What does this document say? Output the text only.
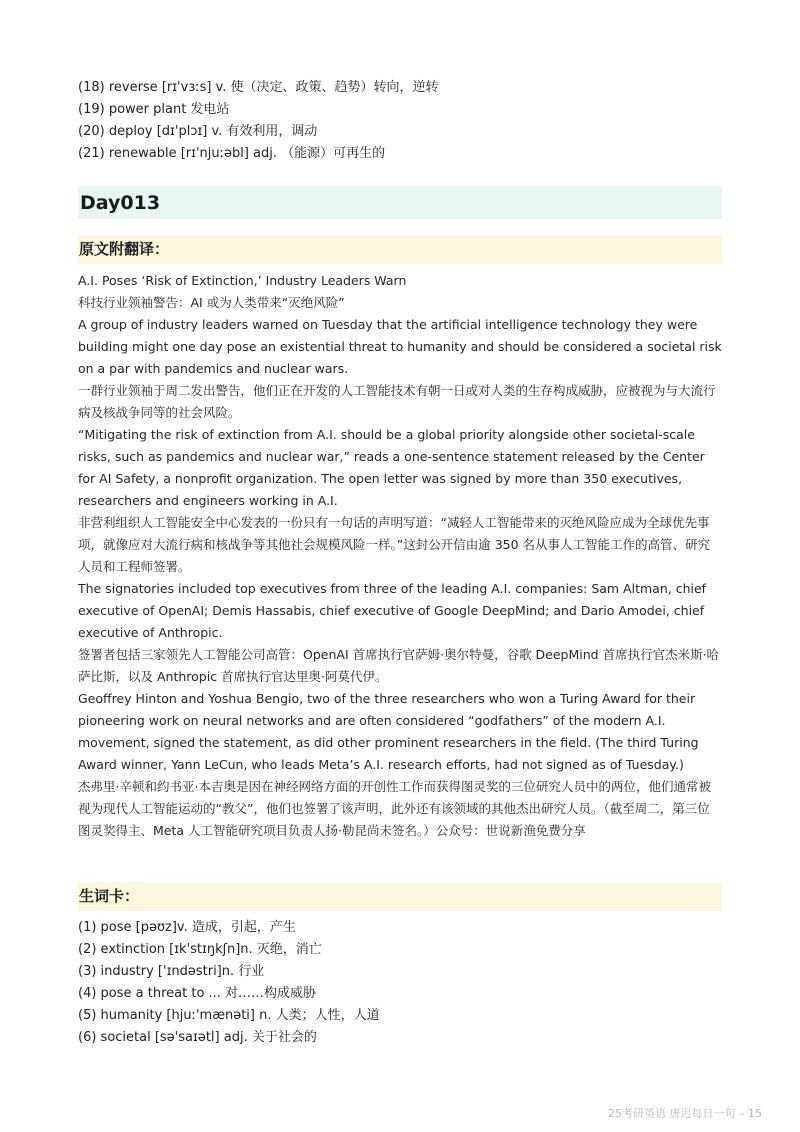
(18) reverse [rɪ'vɜːs] v. 使（决定、政策、趋势）转向，逆转
(19) power plant 发电站
(20) deploy [dɪ'plɔɪ] v. 有效利用，调动
(21) renewable [rɪ'njuːəbl] adj. （能源）可再生的
Day013
原文附翻译：

A.I. Poses ‘Risk of Extinction,’ Industry Leaders Warn

科技行业领袖警告：AI 或为人类带来“灭绝风险”

A group of industry leaders warned on Tuesday that the artificial intelligence technology they were building might one day pose an existential threat to humanity and should be considered a societal risk on a par with pandemics and nuclear wars.

一群行业领袖于周二发出警告，他们正在开发的人工智能技术有朝一日或对人类的生存构成威胁，应被视为与大流行病及核战争同等的社会风险。

“Mitigating the risk of extinction from A.I. should be a global priority alongside other societal-scale risks, such as pandemics and nuclear war,” reads a one-sentence statement released by the Center for AI Safety, a nonprofit organization. The open letter was signed by more than 350 executives, researchers and engineers working in A.I.

非营利组织人工智能安全中心发表的一份只有一句话的声明写道：“减轻人工智能带来的灭绝风险应成为全球优先事项，就像应对大流行病和核战争等其他社会规模风险一样。”这封公开信由逾 350 名从事人工智能工作的高管、研究人员和工程师签署。

The signatories included top executives from three of the leading A.I. companies: Sam Altman, chief executive of OpenAI; Demis Hassabis, chief executive of Google DeepMind; and Dario Amodei, chief executive of Anthropic.

签署者包括三家领先人工智能公司高管：OpenAI 首席执行官萨姆·奥尔特曼，谷歌 DeepMind 首席执行官杰米斯·哈萨比斯，以及 Anthropic 首席执行官达里奥·阿莫代伊。

Geoffrey Hinton and Yoshua Bengio, two of the three researchers who won a Turing Award for their pioneering work on neural networks and are often considered “godfathers” of the modern A.I. movement, signed the statement, as did other prominent researchers in the field. (The third Turing Award winner, Yann LeCun, who leads Meta’s A.I. research efforts, had not signed as of Tuesday.)

杰弗里·辛顿和约书亚·本吉奥是因在神经网络方面的开创性工作而获得图灵奖的三位研究人员中的两位，他们通常被视为现代人工智能运动的“教父”，他们也签署了该声明，此外还有该领域的其他杰出研究人员。（截至周二，第三位图灵奖得主、Meta 人工智能研究项目负责人扬·勒昆尚未签名。）公众号：世说新渔免费分享

生词卡：
(1) pose [pəʊz]v. 造成，引起，产生
(2) extinction [ɪk'stɪŋkʃn]n. 灭绝，消亡
(3) industry ['ɪndəstri]n. 行业
(4) pose a threat to ... 对……构成威胁
(5) humanity [hjuː'mænəti] n. 人类；人性，人道
(6) societal [sə'saɪətl] adj. 关于社会的
25考研英语 唐迟每日一句 – 15
